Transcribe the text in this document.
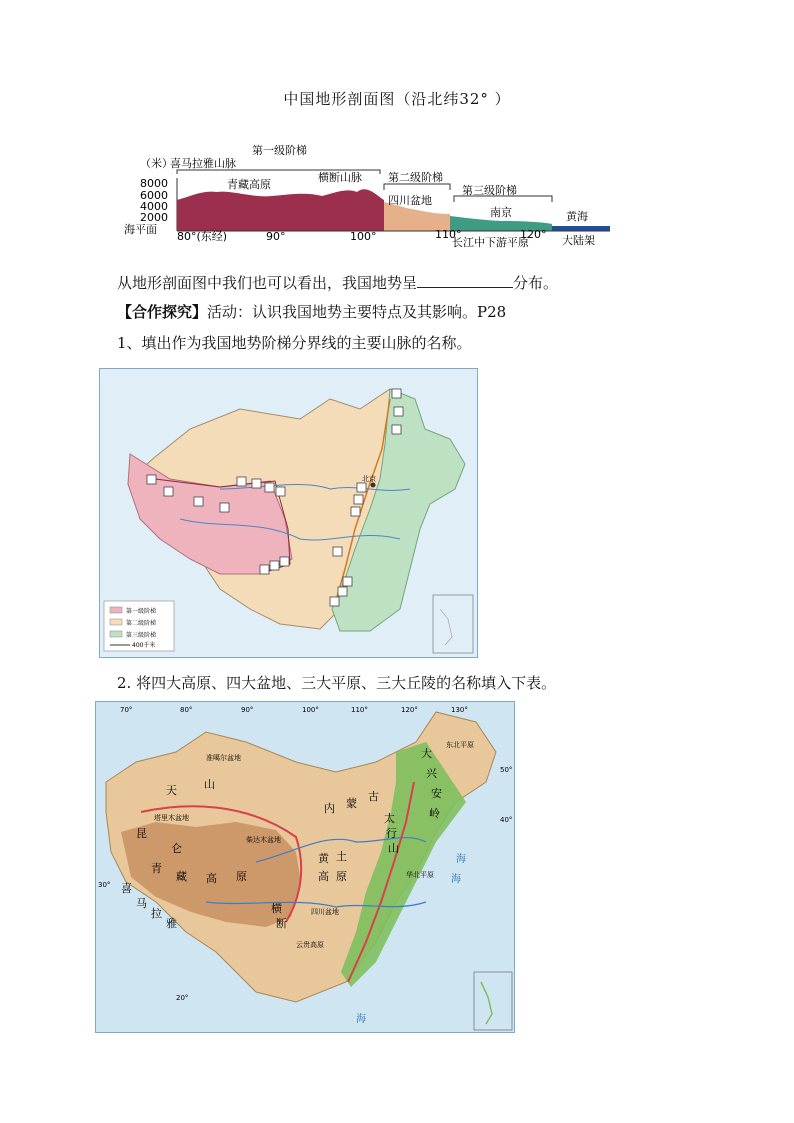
中国地形剖面图（沿北纬32° ）
（米）
8000
6000
4000
2000
海平面
第一级阶梯
第二级阶梯
第三级阶梯
喜马拉雅山脉
青藏高原
横断山脉
四川盆地
南京
长江中下游平原
黄海
大陆架
80°(东经)	90°	100°	110°	120°
从地形剖面图中我们也可以看出，我国地势呈	分布。
【合作探究】活动：认识我国地势主要特点及其影响。P28
1、填出作为我国地势阶梯分界线的主要山脉的名称。
北京
第一级阶梯
第二级阶梯
第三级阶梯
400千米
2. 将四大高原、四大盆地、三大平原、三大丘陵的名称填入下表。
海
海
海
70°	80°	90°	100°	110°	120°	130°
50°
40°
30°
20°
天 山
塔里木盆地
昆
仑
青
藏 高 原
喜
马
拉
雅
横
断
四川盆地
内 蒙
古
黄 土
高 原
大
兴
安
岭
太
行
山
准噶尔盆地
柴达木盆地
东北平原
华北平原
云贵高原
